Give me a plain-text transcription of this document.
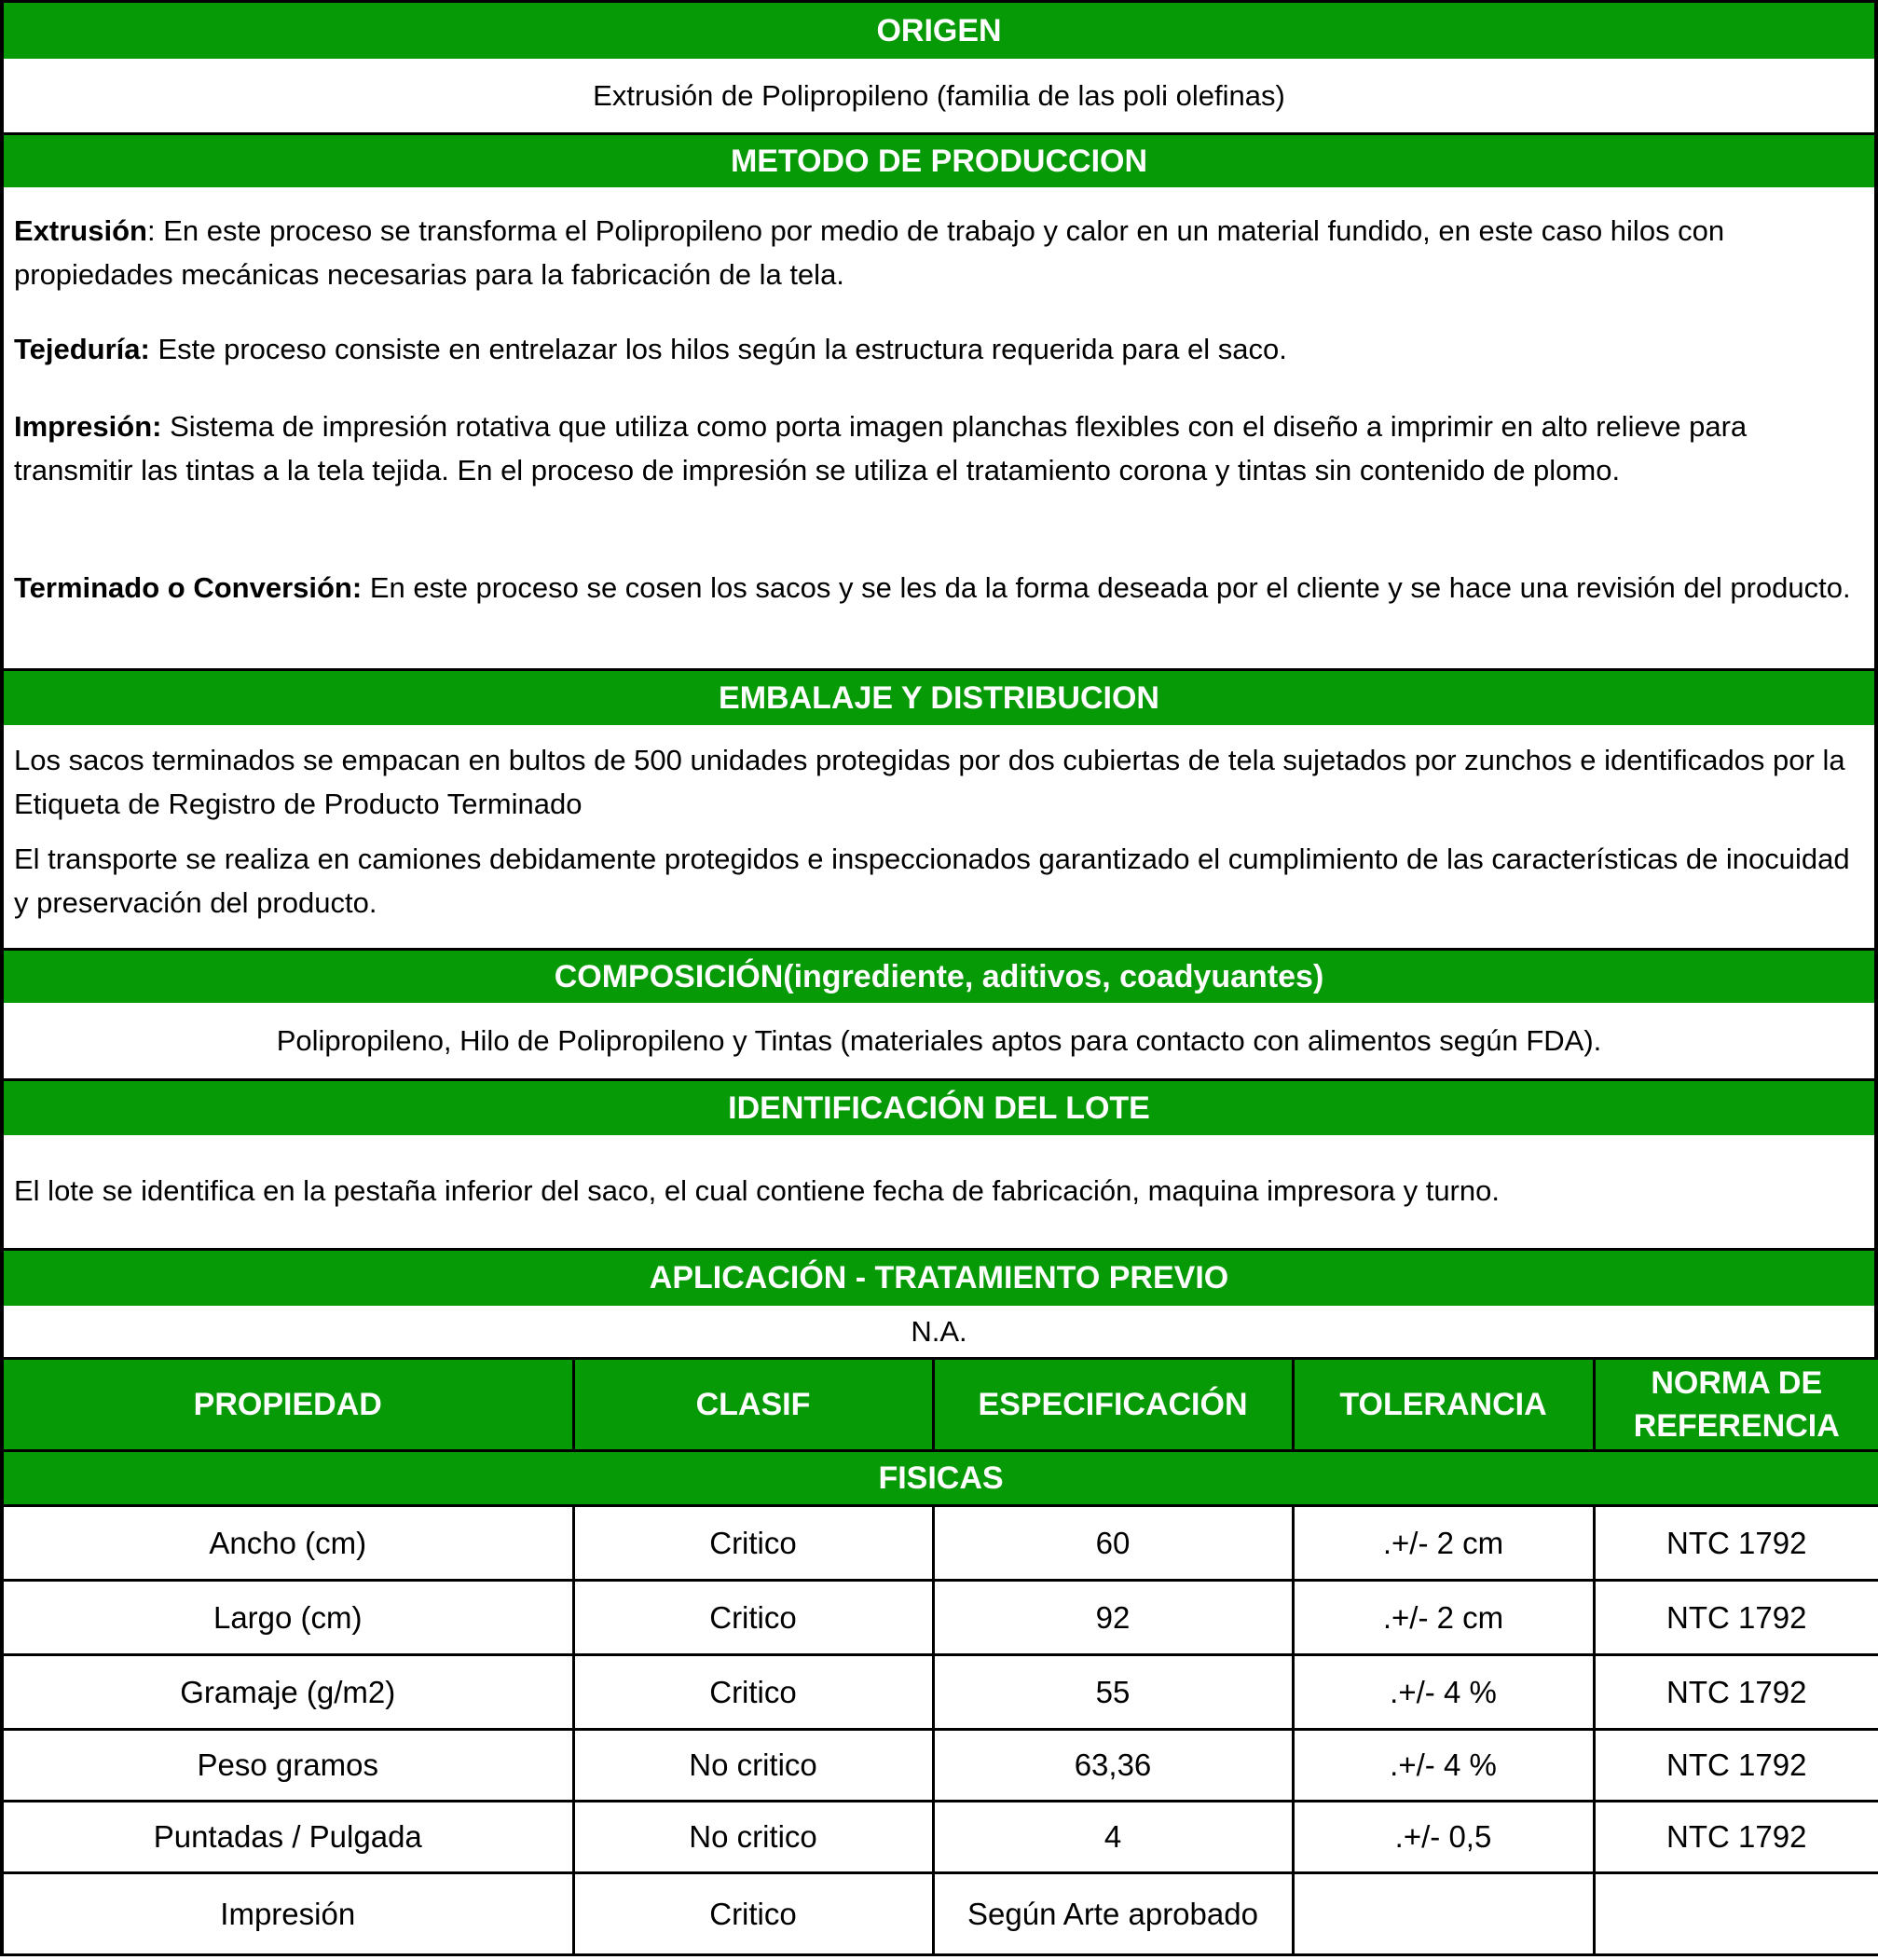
ORIGEN
Extrusión de Polipropileno (familia de las poli olefinas)
METODO DE PRODUCCION
Extrusión: En este proceso se transforma el Polipropileno por medio de trabajo y calor en un material fundido, en este caso hilos con propiedades mecánicas necesarias para la fabricación de la tela.
Tejeduría: Este proceso consiste en entrelazar los hilos según la estructura requerida para el saco.
Impresión: Sistema de impresión rotativa que utiliza como porta imagen planchas flexibles con el diseño a imprimir en alto relieve para transmitir las tintas a la tela tejida. En el proceso de impresión se utiliza el tratamiento corona y tintas sin contenido de plomo.
Terminado o Conversión: En este proceso se cosen los sacos y se les da la forma deseada por el cliente y se hace una revisión del producto.
EMBALAJE Y DISTRIBUCION
Los sacos terminados se empacan en bultos de 500 unidades protegidas por dos cubiertas de tela sujetados por zunchos e identificados por la Etiqueta de Registro de Producto Terminado
El transporte se realiza en camiones debidamente protegidos e inspeccionados garantizado el cumplimiento de las características de inocuidad y preservación del producto.
COMPOSICIÓN(ingrediente, aditivos, coadyuantes)
Polipropileno, Hilo de Polipropileno y Tintas (materiales aptos para contacto con alimentos según FDA).
IDENTIFICACIÓN DEL LOTE
El lote se identifica en la pestaña inferior del saco, el cual contiene fecha de fabricación, maquina impresora y turno.
APLICACIÓN - TRATAMIENTO PREVIO
N.A.
PROPIEDAD	CLASIF	ESPECIFICACIÓN	TOLERANCIA	NORMA DE REFERENCIA
FISICAS				
Ancho (cm)	Critico	60	.+/- 2 cm	NTC 1792
Largo (cm)	Critico	92	.+/- 2 cm	NTC 1792
Gramaje (g/m2)	Critico	55	.+/- 4 %	NTC 1792
Peso gramos	No critico	63,36	.+/- 4 %	NTC 1792
Puntadas / Pulgada	No critico	4	.+/- 0,5	NTC 1792
Impresión	Critico	Según Arte aprobado		
